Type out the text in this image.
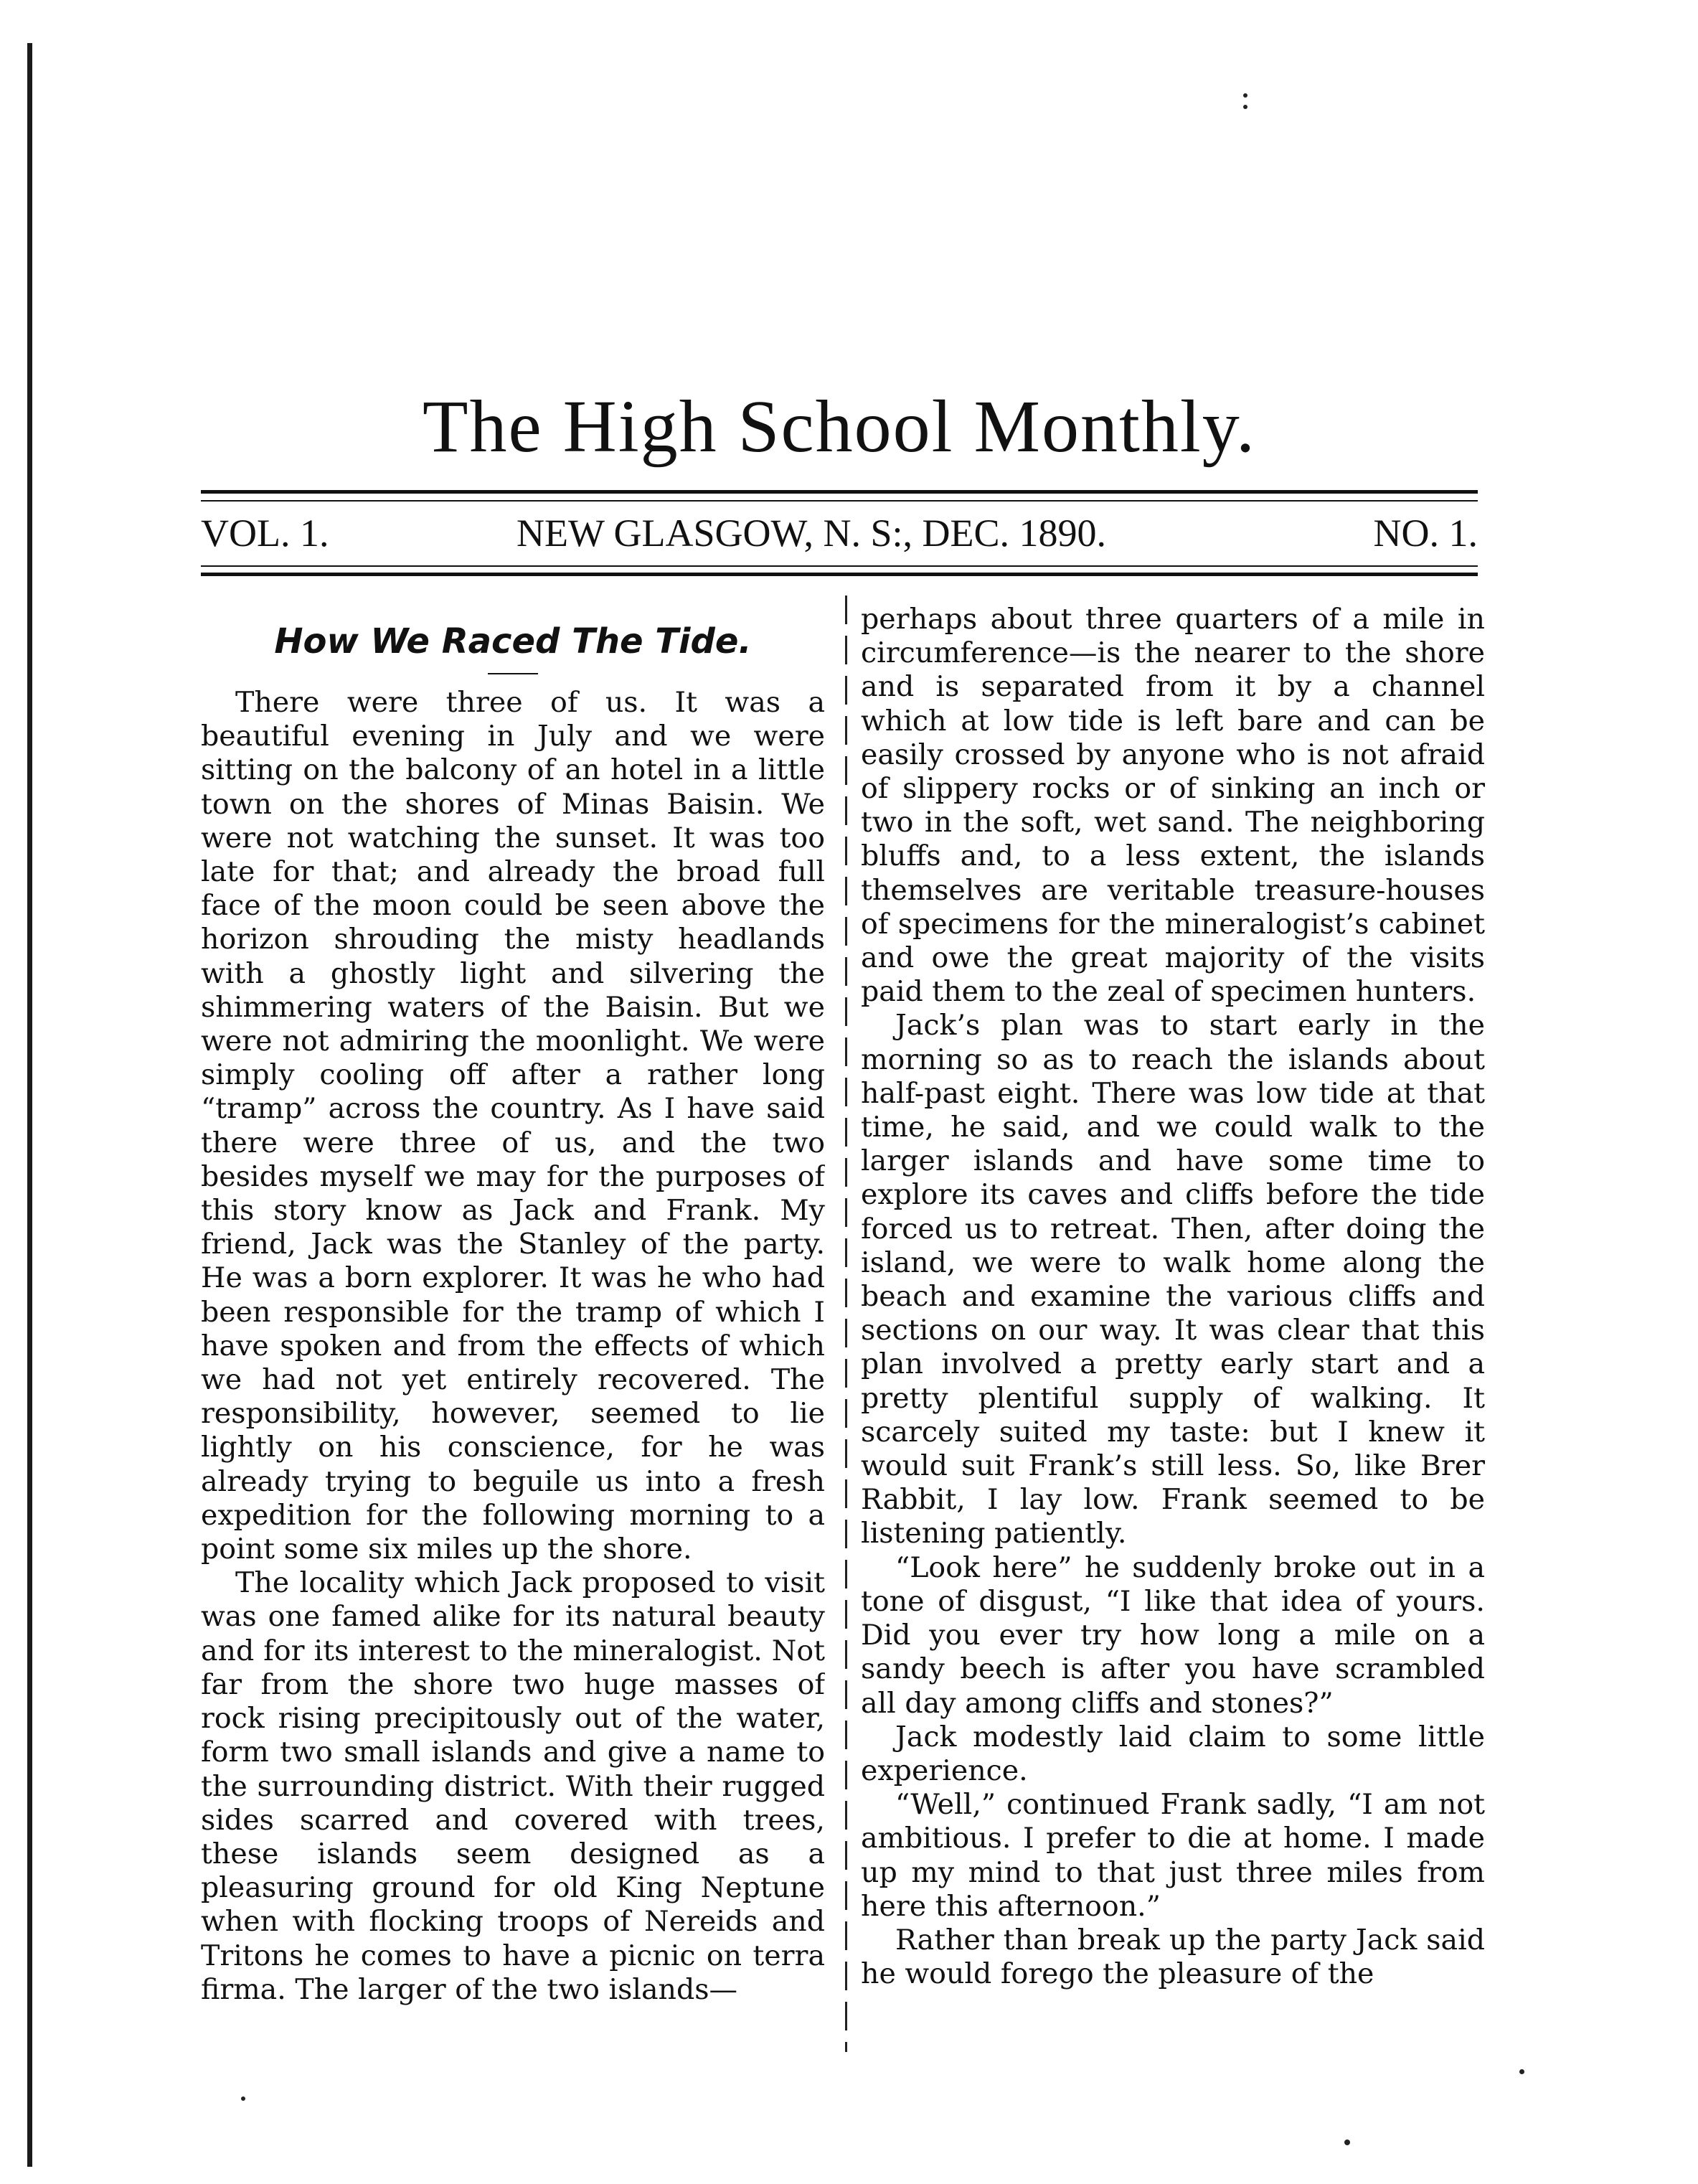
The High School Monthly.
VOL. 1.	NEW GLASGOW, N. S:, DEC. 1890.	NO. 1.
How We Raced The Tide.

There were three of us. It was a beautiful evening in July and we were sitting on the balcony of an hotel in a little town on the shores of Minas Baisin. We were not watching the sunset. It was too late for that; and already the broad full face of the moon could be seen above the horizon shrouding the misty headlands with a ghostly light and silvering the shimmering waters of the Baisin. But we were not admiring the moonlight. We were simply cooling off after a rather long “tramp” across the country. As I have said there were three of us, and the two besides myself we may for the purposes of this story know as Jack and Frank. My friend, Jack was the Stanley of the party. He was a born explorer. It was he who had been responsible for the tramp of which I have spoken and from the effects of which we had not yet entirely recovered. The responsibility, however, seemed to lie lightly on his conscience, for he was already trying to beguile us into a fresh expedition for the following morning to a point some six miles up the shore.

The locality which Jack proposed to visit was one famed alike for its natural beauty and for its interest to the mineralogist. Not far from the shore two huge masses of rock rising precipitously out of the water, form two small islands and give a name to the surrounding district. With their rugged sides scarred and covered with trees, these islands seem designed as a pleasuring ground for old King Neptune when with flocking troops of Nereids and Tritons he comes to have a picnic on terra firma. The larger of the two islands—

perhaps about three quarters of a mile in circumference—is the nearer to the shore and is separated from it by a channel which at low tide is left bare and can be easily crossed by anyone who is not afraid of slippery rocks or of sinking an inch or two in the soft, wet sand. The neighboring bluffs and, to a less extent, the islands themselves are veritable treasure-houses of specimens for the mineralogist’s cabinet and owe the great majority of the visits paid them to the zeal of specimen hunters.

Jack’s plan was to start early in the morning so as to reach the islands about half-past eight. There was low tide at that time, he said, and we could walk to the larger islands and have some time to explore its caves and cliffs before the tide forced us to retreat. Then, after doing the island, we were to walk home along the beach and examine the various cliffs and sections on our way. It was clear that this plan involved a pretty early start and a pretty plentiful supply of walking. It scarcely suited my taste: but I knew it would suit Frank’s still less. So, like Brer Rabbit, I lay low. Frank seemed to be listening patiently.

“Look here” he suddenly broke out in a tone of disgust, “I like that idea of yours. Did you ever try how long a mile on a sandy beech is after you have scrambled all day among cliffs and stones?”

Jack modestly laid claim to some little experience.

“Well,” continued Frank sadly, “I am not ambitious. I prefer to die at home. I made up my mind to that just three miles from here this afternoon.”

Rather than break up the party Jack said he would forego the pleasure of the
